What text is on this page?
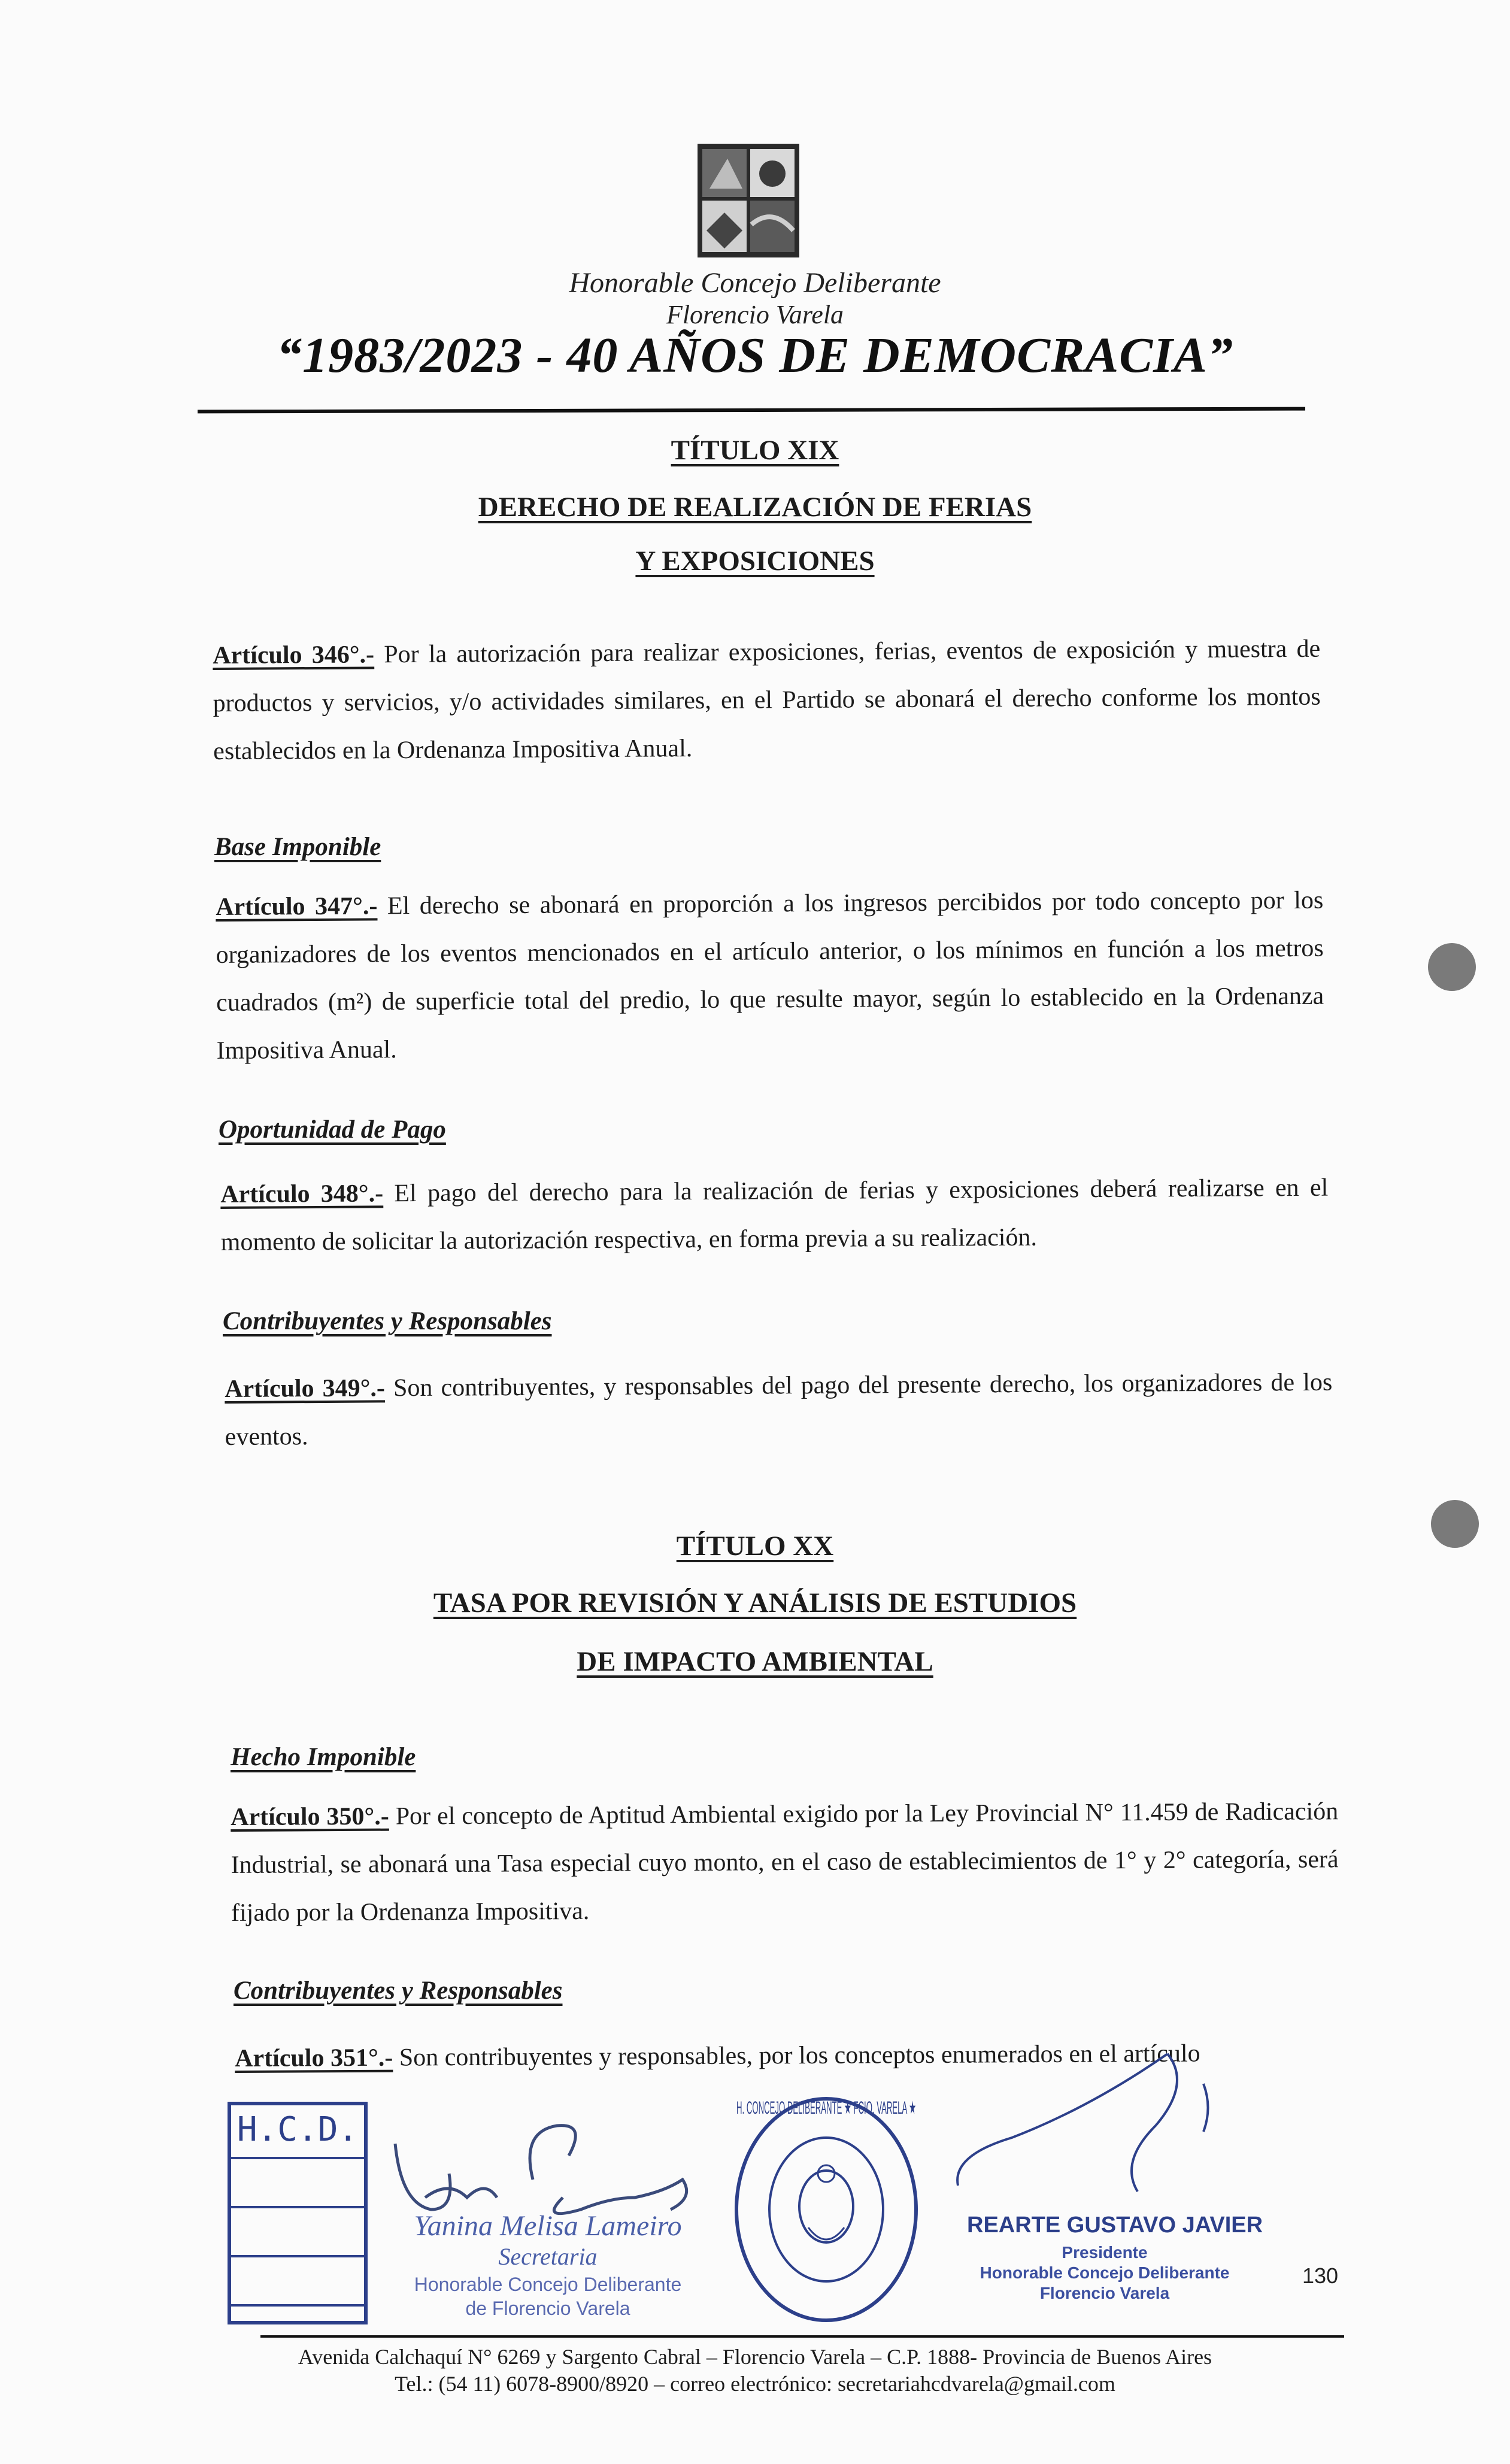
Honorable Concejo Deliberante
Florencio Varela
“1983/2023 - 40 AÑOS DE DEMOCRACIA”
TÍTULO XIX
DERECHO DE REALIZACIÓN DE FERIAS
Y EXPOSICIONES
Artículo 346°.- Por la autorización para realizar exposiciones, ferias, eventos de exposición y muestra de productos y servicios, y/o actividades similares, en el Partido se abonará el derecho conforme los montos establecidos en la Ordenanza Impositiva Anual.
Base Imponible
Artículo 347°.- El derecho se abonará en proporción a los ingresos percibidos por todo concepto por los organizadores de los eventos mencionados en el artículo anterior, o los mínimos en función a los metros cuadrados (m²) de superficie total del predio, lo que resulte mayor, según lo establecido en la Ordenanza Impositiva Anual.
Oportunidad de Pago
Artículo 348°.- El pago del derecho para la realización de ferias y exposiciones deberá realizarse en el momento de solicitar la autorización respectiva, en forma previa a su realización.
Contribuyentes y Responsables
Artículo 349°.- Son contribuyentes, y responsables del pago del presente derecho, los organizadores de los eventos.
TÍTULO XX
TASA POR REVISIÓN Y ANÁLISIS DE ESTUDIOS
DE IMPACTO AMBIENTAL
Hecho Imponible
Artículo 350°.- Por el concepto de Aptitud Ambiental exigido por la Ley Provincial N° 11.459 de Radicación Industrial, se abonará una Tasa especial cuyo monto, en el caso de establecimientos de 1° y 2° categoría, será fijado por la Ordenanza Impositiva.
Contribuyentes y Responsables
Artículo 351°.- Son contribuyentes y responsables, por los conceptos enumerados en el artículo
H.C.D.
Yanina Melisa Lameiro
Secretaria
Honorable Concejo Deliberante
de Florencio Varela
H. CONCEJO DELIBERANTE ★ FCIO. VARELA ★
REARTE GUSTAVO JAVIER
Presidente
Honorable Concejo Deliberante
Florencio Varela
130
Avenida Calchaquí N° 6269 y Sargento Cabral – Florencio Varela – C.P. 1888- Provincia de Buenos Aires
Tel.: (54 11) 6078-8900/8920 – correo electrónico: secretariahcdvarela@gmail.com
